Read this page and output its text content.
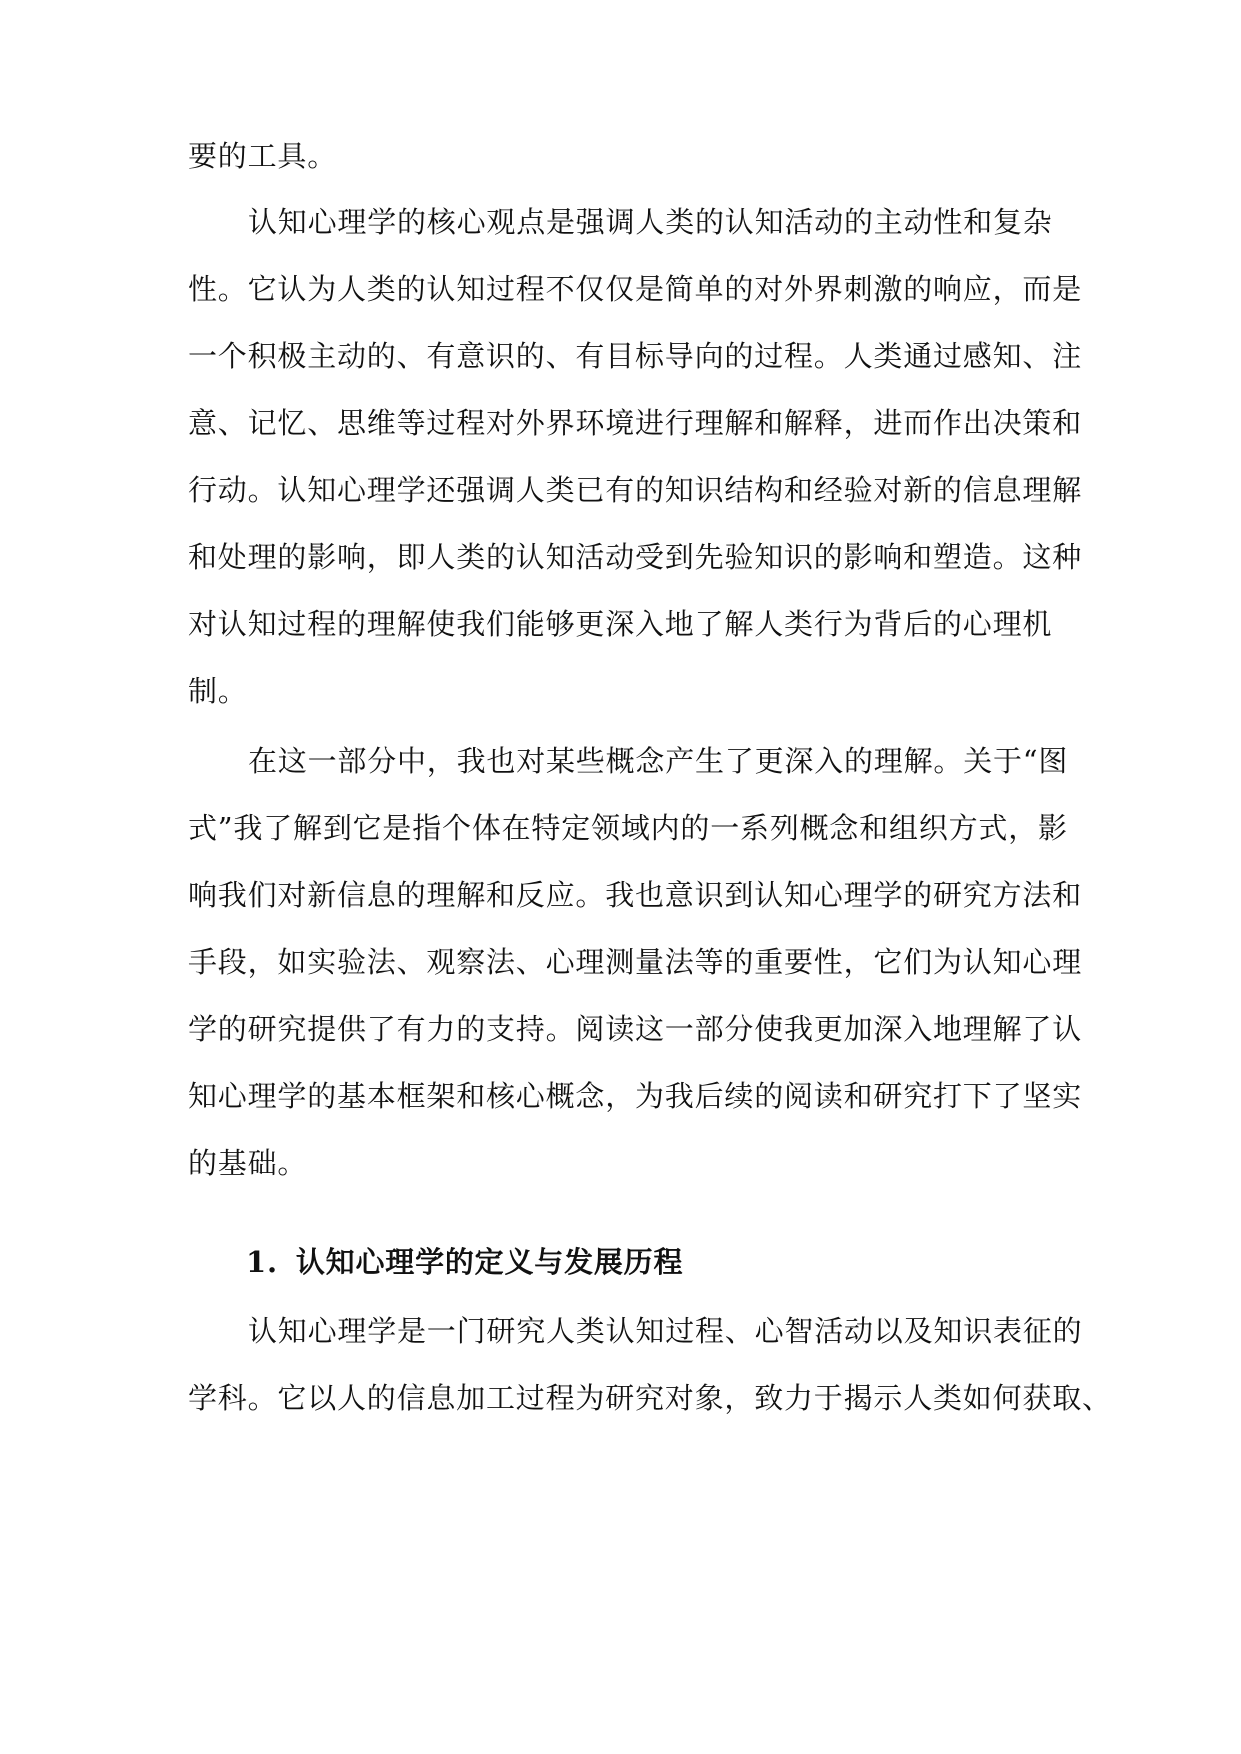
要的工具。

认知心理学的核心观点是强调人类的认知活动的主动性和复杂

性。它认为人类的认知过程不仅仅是简单的对外界刺激的响应，而是

一个积极主动的、有意识的、有目标导向的过程。人类通过感知、注

意、记忆、思维等过程对外界环境进行理解和解释，进而作出决策和

行动。认知心理学还强调人类已有的知识结构和经验对新的信息理解

和处理的影响，即人类的认知活动受到先验知识的影响和塑造。这种

对认知过程的理解使我们能够更深入地了解人类行为背后的心理机

制。

在这一部分中，我也对某些概念产生了更深入的理解。关于“图

式”我了解到它是指个体在特定领域内的一系列概念和组织方式，影

响我们对新信息的理解和反应。我也意识到认知心理学的研究方法和

手段，如实验法、观察法、心理测量法等的重要性，它们为认知心理

学的研究提供了有力的支持。阅读这一部分使我更加深入地理解了认

知心理学的基本框架和核心概念，为我后续的阅读和研究打下了坚实

的基础。

1. 认知心理学的定义与发展历程

认知心理学是一门研究人类认知过程、心智活动以及知识表征的

学科。它以人的信息加工过程为研究对象，致力于揭示人类如何获取、
